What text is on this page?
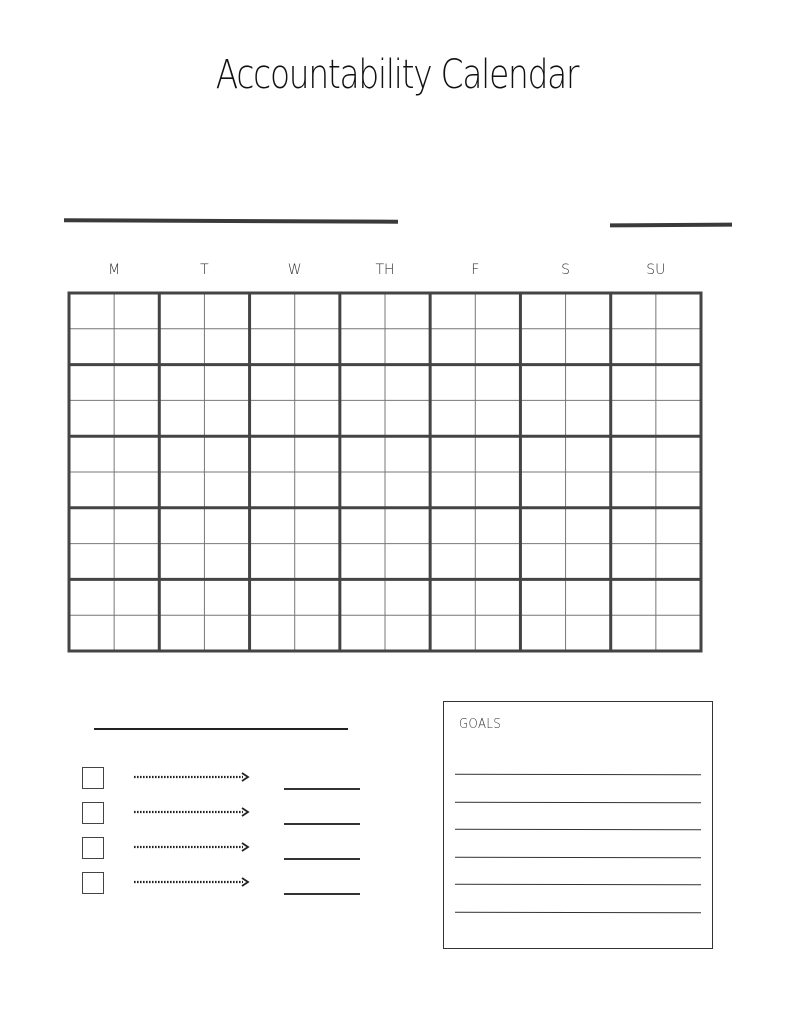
Accountability Calendar
M	T	W	TH	F	S	SU
GOALS
